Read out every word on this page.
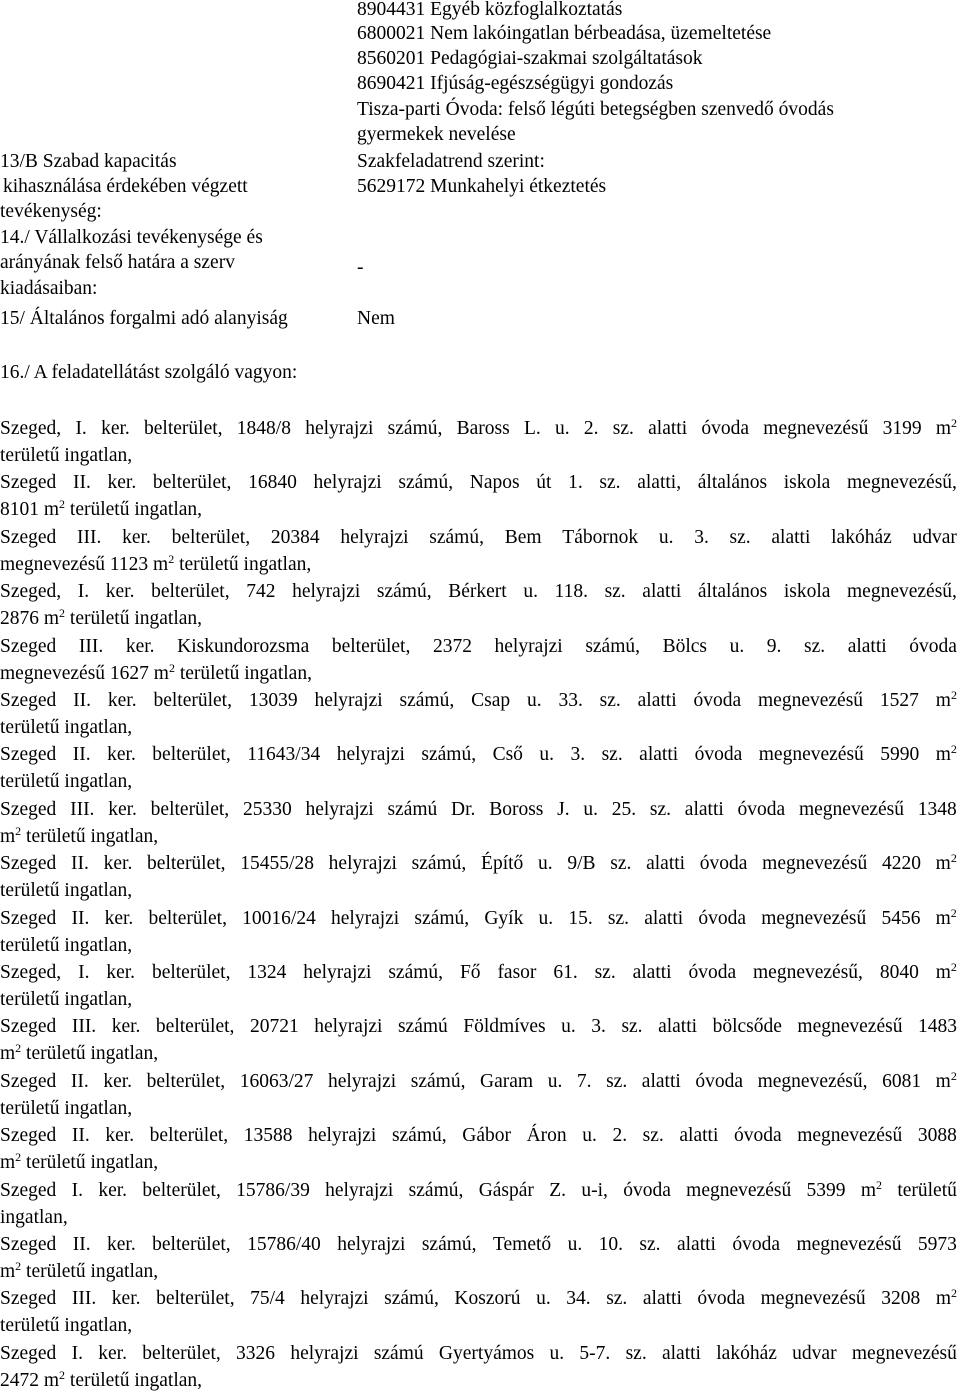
8904431 Egyéb közfoglalkoztatás
6800021 Nem lakóingatlan bérbeadása, üzemeltetése
8560201 Pedagógiai-szakmai szolgáltatások
8690421 Ifjúság-egészségügyi gondozás
Tisza-parti Óvoda: felső légúti betegségben szenvedő óvodás
gyermekek nevelése
13/B Szabad kapacitás
kihasználása érdekében végzett
tevékenység:
Szakfeladatrend szerint:
5629172 Munkahelyi étkeztetés
14./ Vállalkozási tevékenysége és
arányának felső határa a szerv
kiadásaiban:
-
15/ Általános forgalmi adó alanyiság	Nem
16./ A feladatellátást szolgáló vagyon:
Szeged, I. ker. belterület, 1848/8 helyrajzi számú, Baross L. u. 2. sz. alatti óvoda megnevezésű 3199 $m^2$
területű ingatlan,
Szeged II. ker. belterület, 16840 helyrajzi számú, Napos út 1. sz. alatti, általános iskola megnevezésű,
8101 $m^2$ területű ingatlan,
Szeged III. ker. belterület, 20384 helyrajzi számú, Bem Tábornok u. 3. sz. alatti lakóház udvar
megnevezésű 1123 $m^2$ területű ingatlan,
Szeged, I. ker. belterület, 742 helyrajzi számú, Bérkert u. 118. sz. alatti általános iskola megnevezésű,
2876 $m^2$ területű ingatlan,
Szeged III. ker. Kiskundorozsma belterület, 2372 helyrajzi számú, Bölcs u. 9. sz. alatti óvoda
megnevezésű 1627 $m^2$ területű ingatlan,
Szeged II. ker. belterület, 13039 helyrajzi számú, Csap u. 33. sz. alatti óvoda megnevezésű 1527 $m^2$
területű ingatlan,
Szeged II. ker. belterület, 11643/34 helyrajzi számú, Cső u. 3. sz. alatti óvoda megnevezésű 5990 $m^2$
területű ingatlan,
Szeged III. ker. belterület, 25330 helyrajzi számú Dr. Boross J. u. 25. sz. alatti óvoda megnevezésű 1348
$m^2$ területű ingatlan,
Szeged II. ker. belterület, 15455/28 helyrajzi számú, Építő u. 9/B sz. alatti óvoda megnevezésű 4220 $m^2$
területű ingatlan,
Szeged II. ker. belterület, 10016/24 helyrajzi számú, Gyík u. 15. sz. alatti óvoda megnevezésű 5456 $m^2$
területű ingatlan,
Szeged, I. ker. belterület, 1324 helyrajzi számú, Fő fasor 61. sz. alatti óvoda megnevezésű, 8040 $m^2$
területű ingatlan,
Szeged III. ker. belterület, 20721 helyrajzi számú Földmíves u. 3. sz. alatti bölcsőde megnevezésű 1483
$m^2$ területű ingatlan,
Szeged II. ker. belterület, 16063/27 helyrajzi számú, Garam u. 7. sz. alatti óvoda megnevezésű, 6081 $m^2$
területű ingatlan,
Szeged II. ker. belterület, 13588 helyrajzi számú, Gábor Áron u. 2. sz. alatti óvoda megnevezésű 3088
$m^2$ területű ingatlan,
Szeged I. ker. belterület, 15786/39 helyrajzi számú, Gáspár Z. u-i, óvoda megnevezésű 5399 $m^2$ területű
ingatlan,
Szeged II. ker. belterület, 15786/40 helyrajzi számú, Temető u. 10. sz. alatti óvoda megnevezésű 5973
$m^2$ területű ingatlan,
Szeged III. ker. belterület, 75/4 helyrajzi számú, Koszorú u. 34. sz. alatti óvoda megnevezésű 3208 $m^2$
területű ingatlan,
Szeged I. ker. belterület, 3326 helyrajzi számú Gyertyámos u. 5-7. sz. alatti lakóház udvar megnevezésű
2472 $m^2$ területű ingatlan,
